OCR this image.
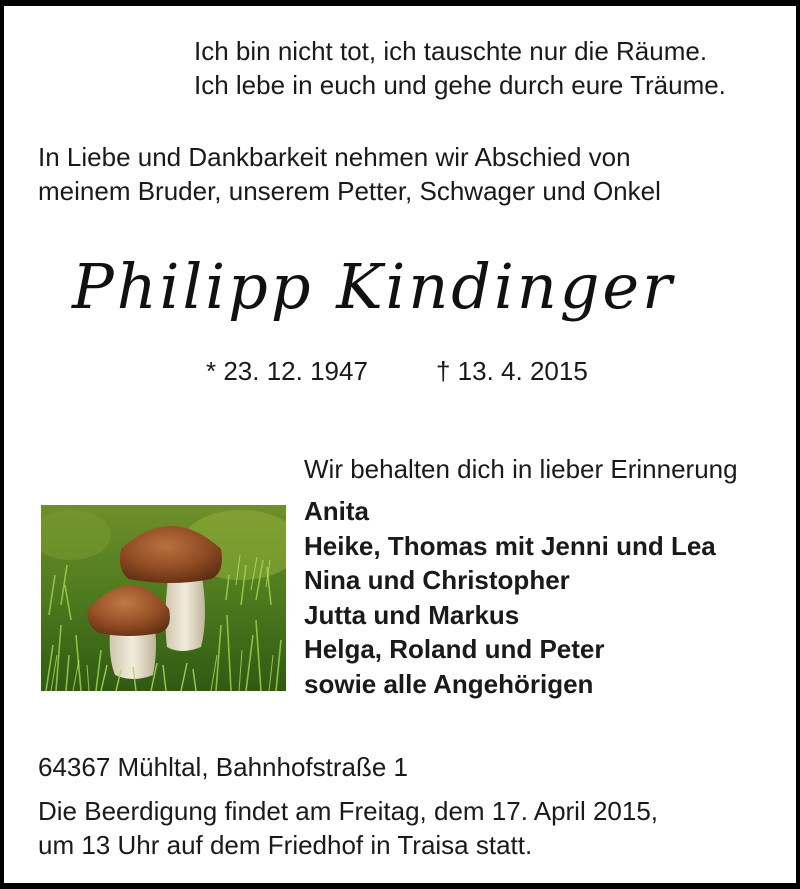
Ich bin nicht tot, ich tauschte nur die Räume.
Ich lebe in euch und gehe durch eure Träume.
In Liebe und Dankbarkeit nehmen wir Abschied von
meinem Bruder, unserem Petter, Schwager und Onkel
Philipp Kindinger
* 23. 12. 1947	† 13. 4. 2015
Wir behalten dich in lieber Erinnerung
Anita
Heike, Thomas mit Jenni und Lea
Nina und Christopher
Jutta und Markus
Helga, Roland und Peter
sowie alle Angehörigen
64367 Mühltal, Bahnhofstraße 1
Die Beerdigung findet am Freitag, dem 17. April 2015,
um 13 Uhr auf dem Friedhof in Traisa statt.
